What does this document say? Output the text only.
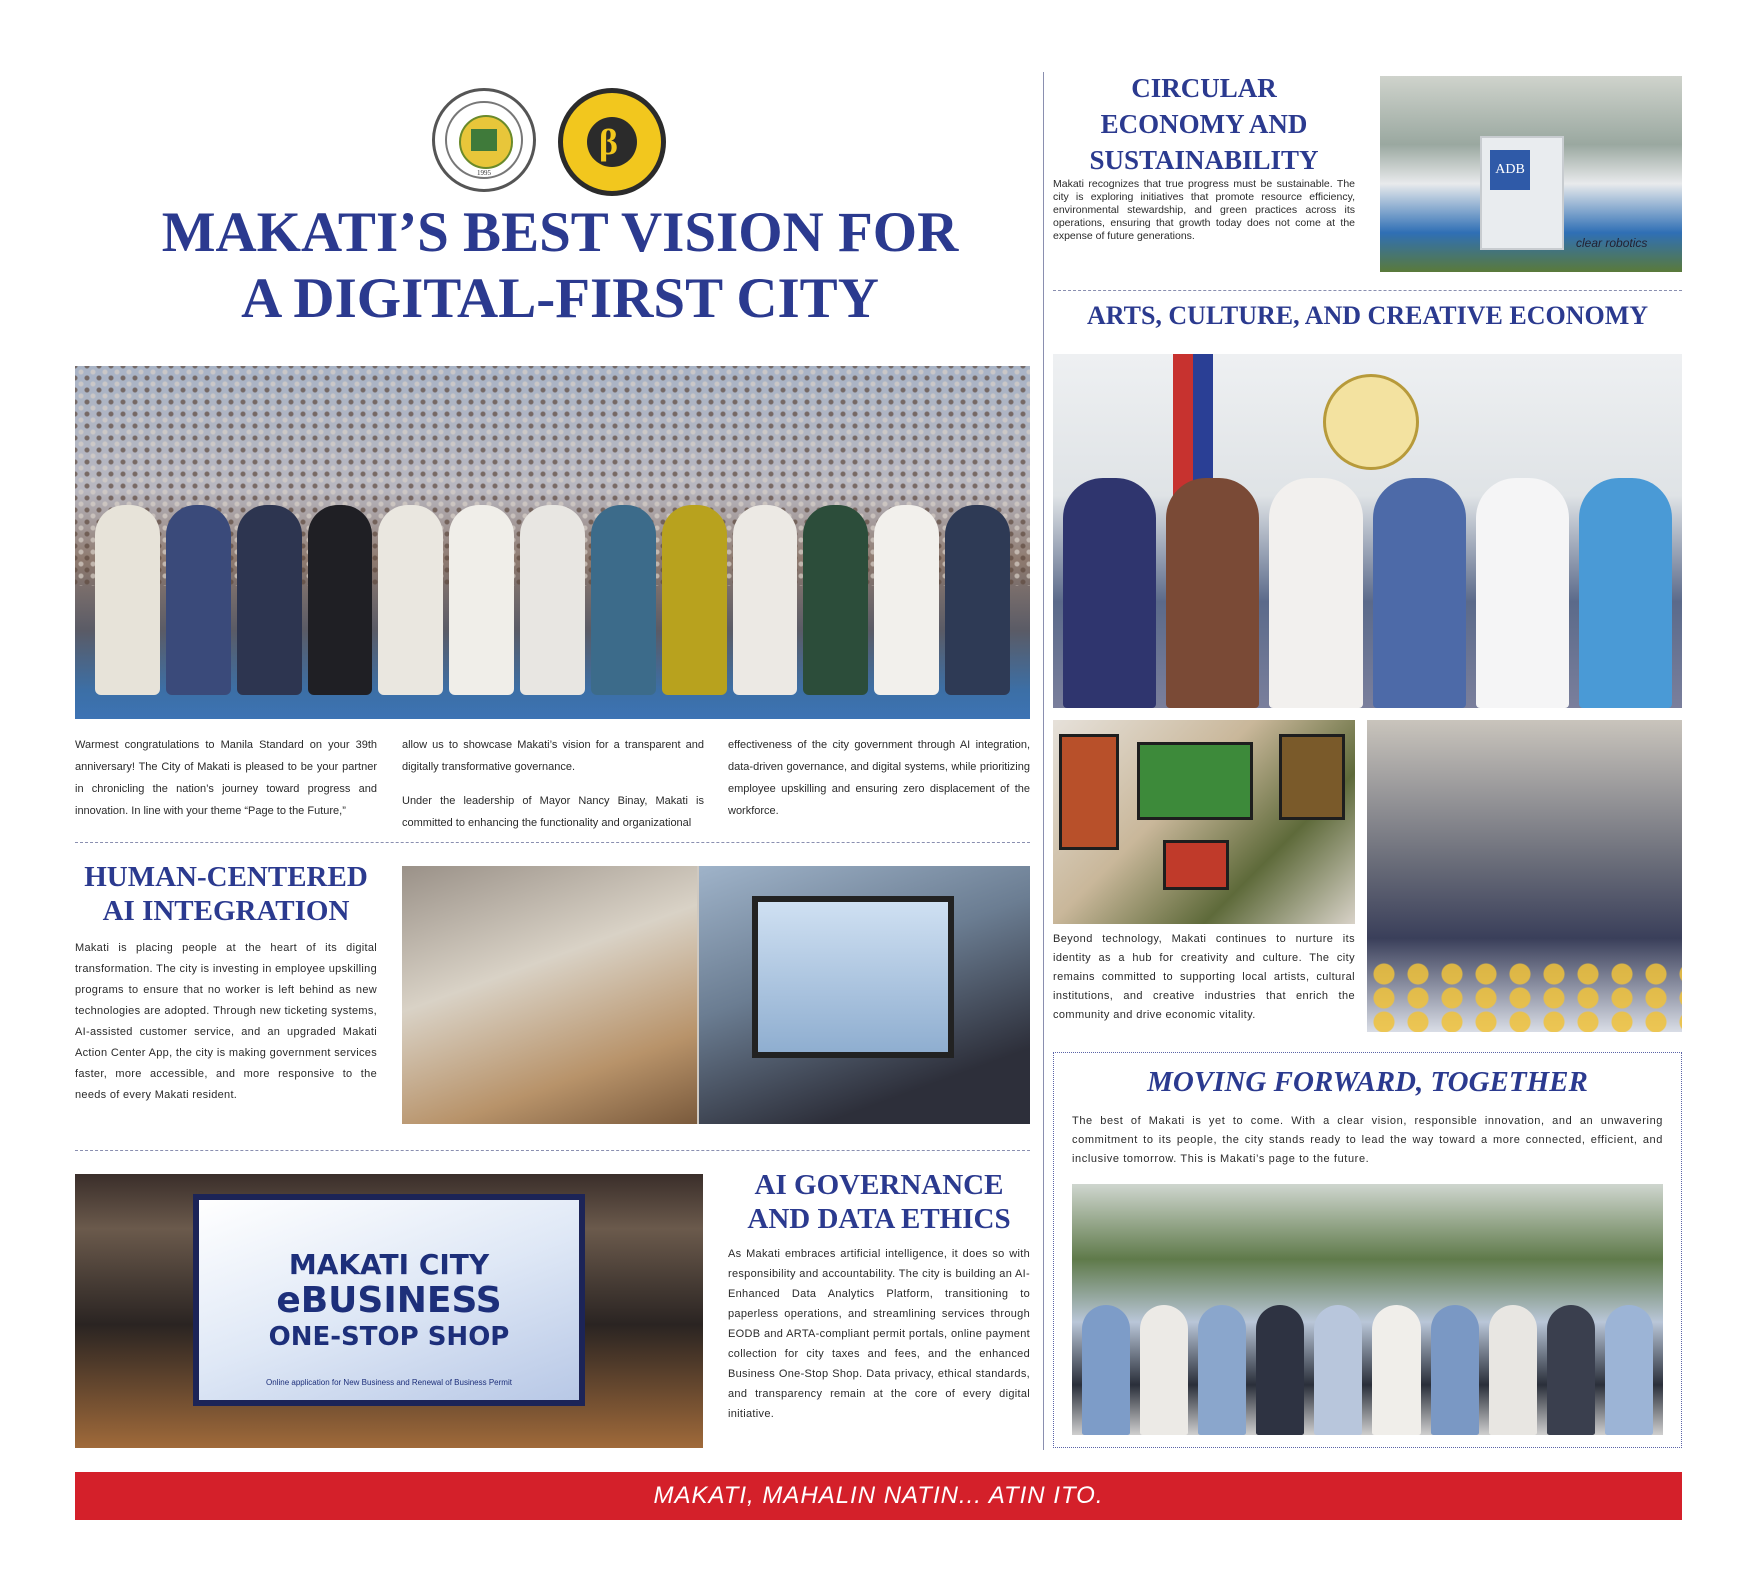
1995
β
MAKATI’S BEST VISION FOR
A DIGITAL-FIRST CITY

Warmest congratulations to Manila Standard on your 39th anniversary! The City of Makati is pleased to be your partner in chronicling the nation’s journey toward progress and innovation. In line with your theme “Page to the Future,”

allow us to showcase Makati’s vision for a transparent and digitally transformative governance.

Under the leadership of Mayor Nancy Binay, Makati is committed to enhancing the functionality and organizational

effectiveness of the city government through AI integration, data-driven governance, and digital systems, while prioritizing employee upskilling and ensuring zero displacement of the workforce.

HUMAN-CENTERED
AI INTEGRATION

Makati is placing people at the heart of its digital transformation. The city is investing in employee upskilling programs to ensure that no worker is left behind as new technologies are adopted. Through new ticketing systems, AI-assisted customer service, and an upgraded Makati Action Center App, the city is making government services faster, more accessible, and more responsive to the needs of every Makati resident.

MAKATI CITY
eBUSINESS
ONE-STOP SHOP
Online application for New Business and Renewal of Business Permit
AI GOVERNANCE
AND DATA ETHICS

As Makati embraces artificial intelligence, it does so with responsibility and accountability. The city is building an AI-Enhanced Data Analytics Platform, transitioning to paperless operations, and streamlining services through EODB and ARTA-compliant permit portals, online payment collection for city taxes and fees, and the enhanced Business One-Stop Shop. Data privacy, ethical standards, and transparency remain at the core of every digital initiative.

CIRCULAR
ECONOMY AND
SUSTAINABILITY

Makati recognizes that true progress must be sustainable. The city is exploring initiatives that promote resource efficiency, environmental stewardship, and green practices across its operations, ensuring that growth today does not come at the expense of future generations.

ADB
clear robotics
ARTS, CULTURE, AND CREATIVE ECONOMY

Beyond technology, Makati continues to nurture its identity as a hub for creativity and culture. The city remains committed to supporting local artists, cultural institutions, and creative industries that enrich the community and drive economic vitality.

MOVING FORWARD, TOGETHER

The best of Makati is yet to come. With a clear vision, responsible innovation, and an unwavering commitment to its people, the city stands ready to lead the way toward a more connected, efficient, and inclusive tomorrow. This is Makati’s page to the future.

MAKATI, MAHALIN NATIN... ATIN ITO.
